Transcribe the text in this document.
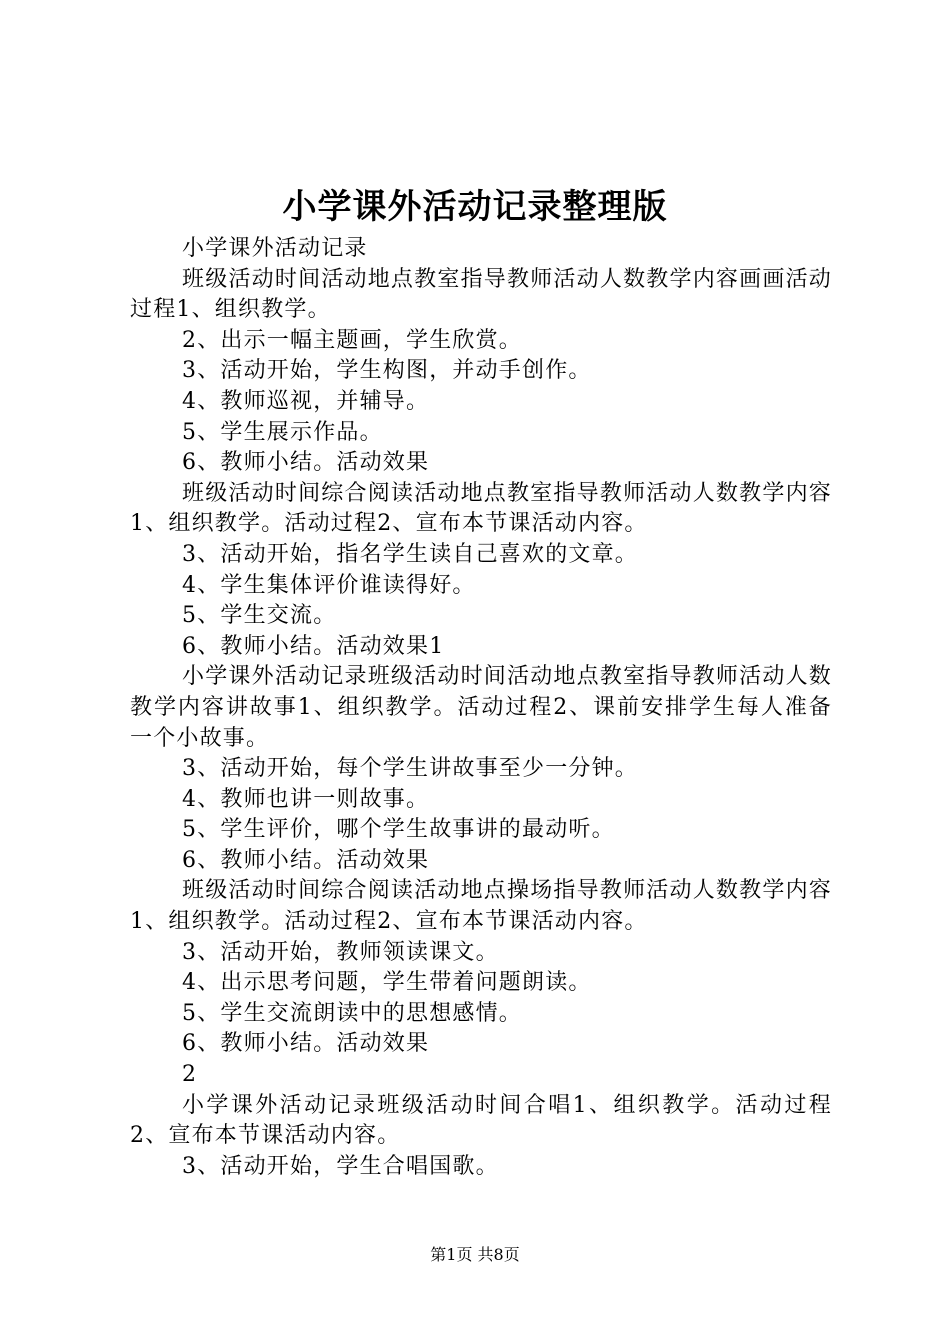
小学课外活动记录整理版

小学课外活动记录

班级活动时间活动地点教室指导教师活动人数教学内容画画活动过程1、组织教学。

2、出示一幅主题画，学生欣赏。

3、活动开始，学生构图，并动手创作。

4、教师巡视，并辅导。

5、学生展示作品。

6、教师小结。活动效果

班级活动时间综合阅读活动地点教室指导教师活动人数教学内容1、组织教学。活动过程2、宣布本节课活动内容。

3、活动开始，指名学生读自己喜欢的文章。

4、学生集体评价谁读得好。

5、学生交流。

6、教师小结。活动效果1

小学课外活动记录班级活动时间活动地点教室指导教师活动人数教学内容讲故事1、组织教学。活动过程2、课前安排学生每人准备一个小故事。

3、活动开始，每个学生讲故事至少一分钟。

4、教师也讲一则故事。

5、学生评价，哪个学生故事讲的最动听。

6、教师小结。活动效果

班级活动时间综合阅读活动地点操场指导教师活动人数教学内容1、组织教学。活动过程2、宣布本节课活动内容。

3、活动开始，教师领读课文。

4、出示思考问题，学生带着问题朗读。

5、学生交流朗读中的思想感情。

6、教师小结。活动效果

2

小学课外活动记录班级活动时间合唱1、组织教学。活动过程2、宣布本节课活动内容。

3、活动开始，学生合唱国歌。

第1页 共8页
